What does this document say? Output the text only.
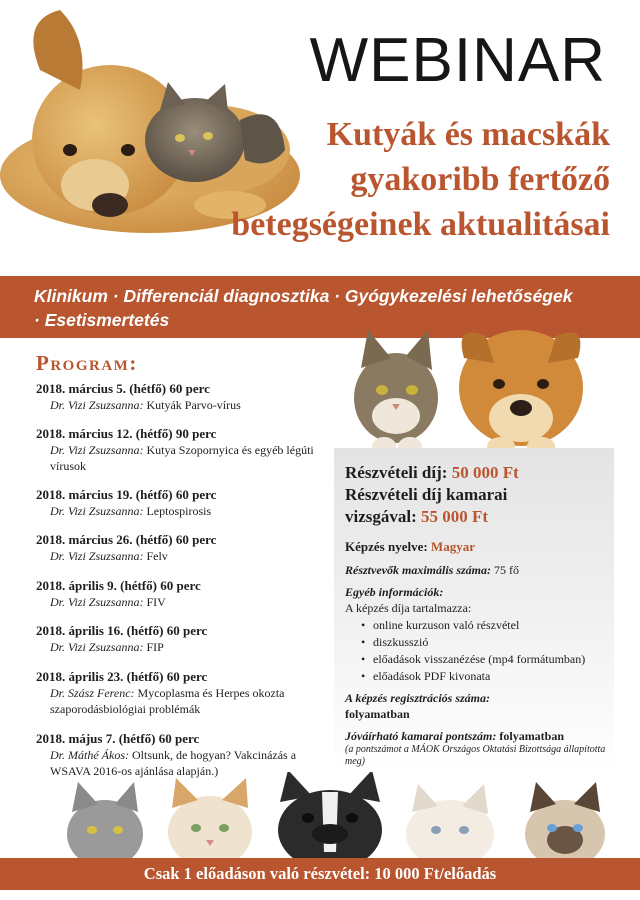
WEBINAR
Kutyák és macskák
gyakoribb fertőző
betegségeinek aktualitásai
Klinikum · Differenciál diagnosztika · Gyógykezelési lehetőségek
· Esetismertetés
Program:
2018. március 5. (hétfő) 60 perc
Dr. Vizi Zsuzsanna: Kutyák Parvo-vírus
2018. március 12. (hétfő) 90 perc
Dr. Vizi Zsuzsanna: Kutya Szopornyica és egyéb légúti vírusok
2018. március 19. (hétfő) 60 perc
Dr. Vizi Zsuzsanna: Leptospirosis
2018. március 26. (hétfő) 60 perc
Dr. Vizi Zsuzsanna: Felv
2018. április 9. (hétfő) 60 perc
Dr. Vizi Zsuzsanna: FIV
2018. április 16. (hétfő) 60 perc
Dr. Vizi Zsuzsanna: FIP
2018. április 23. (hétfő) 60 perc
Dr. Szász Ferenc: Mycoplasma és Herpes okozta szaporodásbiológiai problémák
2018. május 7. (hétfő) 60 perc
Dr. Máthé Ákos: Oltsunk, de hogyan? Vakcinázás a WSAVA 2016-os ajánlása alapján.)
Részvételi díj: 50 000 Ft
Részvételi díj kamarai
vizsgával: 55 000 Ft
Képzés nyelve: Magyar
Résztvevők maximális száma: 75 fő
Egyéb információk:
A képzés díja tartalmazza:
• online kurzuson való részvétel
• diszkusszió
• előadások visszanézése (mp4 formátumban)
• előadások PDF kivonata
A képzés regisztrációs száma:
folyamatban
Jóváírható kamarai pontszám: folyamatban
(a pontszámot a MÁOK Országos Oktatási Bizottsága állapította meg)
Csak 1 előadáson való részvétel: 10 000 Ft/előadás
